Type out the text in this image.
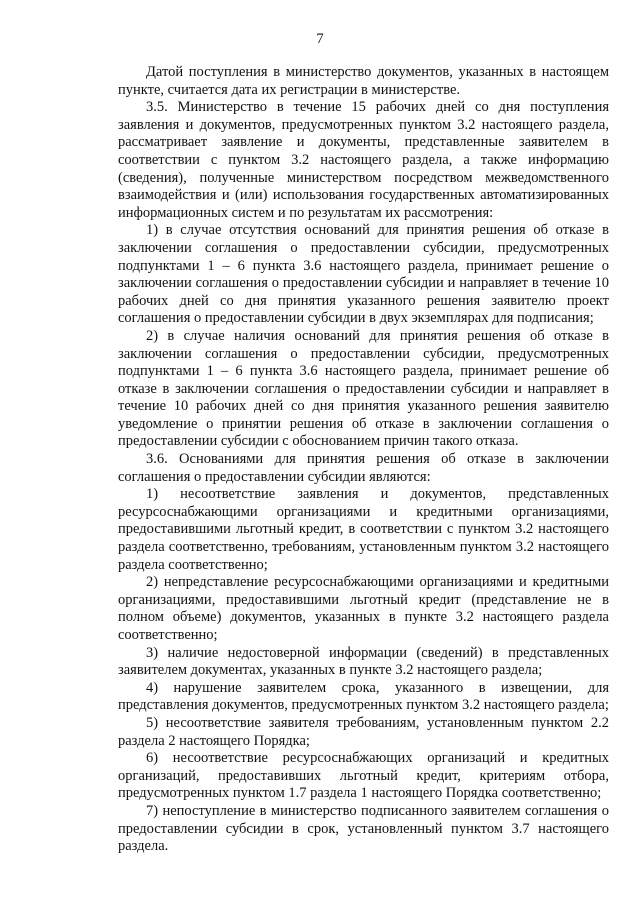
7

Датой поступления в министерство документов, указанных в настоящем пункте, считается дата их регистрации в министерстве.

3.5. Министерство в течение 15 рабочих дней со дня поступления заявления и документов, предусмотренных пунктом 3.2 настоящего раздела, рассматривает заявление и документы, представленные заявителем в соответствии с пунктом 3.2 настоящего раздела, а также информацию (сведения), полученные министерством посредством межведомственного взаимодействия и (или) использования государственных автоматизированных информационных систем и по результатам их рассмотрения:

1) в случае отсутствия оснований для принятия решения об отказе в заключении соглашения о предоставлении субсидии, предусмотренных подпунктами 1 – 6 пункта 3.6 настоящего раздела, принимает решение о заключении соглашения о предоставлении субсидии и направляет в течение 10 рабочих дней со дня принятия указанного решения заявителю проект соглашения о предоставлении субсидии в двух экземплярах для подписания;

2) в случае наличия оснований для принятия решения об отказе в заключении соглашения о предоставлении субсидии, предусмотренных подпунктами 1 – 6 пункта 3.6 настоящего раздела, принимает решение об отказе в заключении соглашения о предоставлении субсидии и направляет в течение 10 рабочих дней со дня принятия указанного решения заявителю уведомление о принятии решения об отказе в заключении соглашения о предоставлении субсидии с обоснованием причин такого отказа.

3.6. Основаниями для принятия решения об отказе в заключении соглашения о предоставлении субсидии являются:

1) несоответствие заявления и документов, представленных ресурсоснабжающими организациями и кредитными организациями, предоставившими льготный кредит, в соответствии с пунктом 3.2 настоящего раздела соответственно, требованиям, установленным пунктом 3.2 настоящего раздела соответственно;

2) непредставление ресурсоснабжающими организациями и кредитными организациями, предоставившими льготный кредит (представление не в полном объеме) документов, указанных в пункте 3.2 настоящего раздела соответственно;

3) наличие недостоверной информации (сведений) в представленных заявителем документах, указанных в пункте 3.2 настоящего раздела;

4) нарушение заявителем срока, указанного в извещении, для представления документов, предусмотренных пунктом 3.2 настоящего раздела;

5) несоответствие заявителя требованиям, установленным пунктом 2.2 раздела 2 настоящего Порядка;

6) несоответствие ресурсоснабжающих организаций и кредитных организаций, предоставивших льготный кредит, критериям отбора, предусмотренных пунктом 1.7 раздела 1 настоящего Порядка соответственно;

7) непоступление в министерство подписанного заявителем соглашения о предоставлении субсидии в срок, установленный пунктом 3.7 настоящего раздела.
